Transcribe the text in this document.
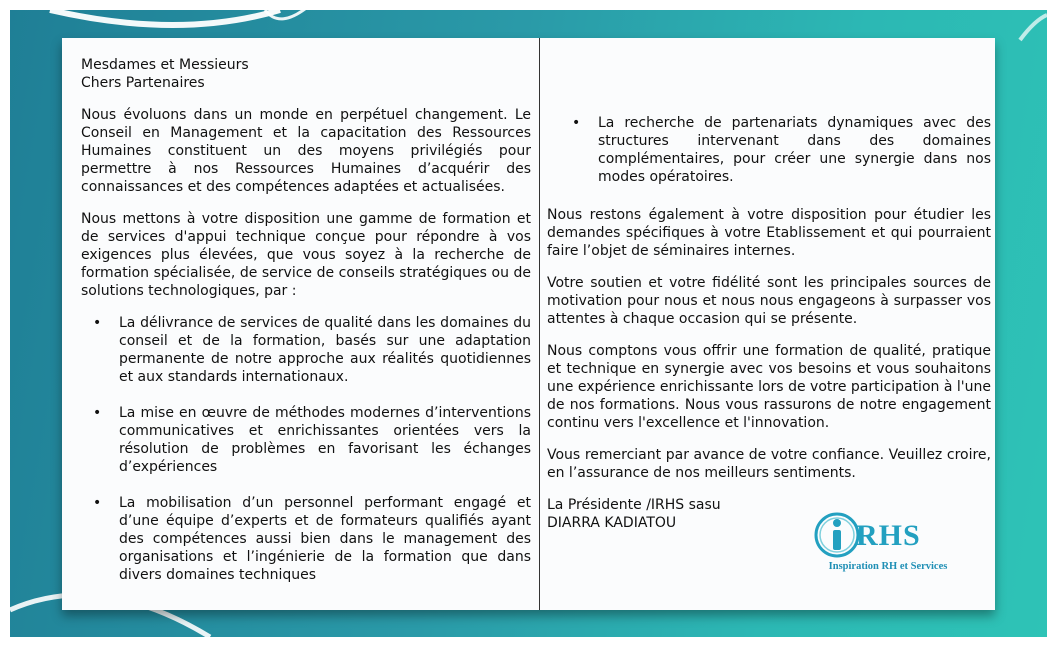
Mesdames et Messieurs
Chers Partenaires

Nous évoluons dans un monde en perpétuel changement. Le Conseil en Management et la capacitation des Ressources Humaines constituent un des moyens privilégiés pour permettre à nos Ressources Humaines d’acquérir des connaissances et des compétences adaptées et actualisées.

Nous mettons à votre disposition une gamme de formation et de services d'appui technique conçue pour répondre à vos exigences plus élevées, que vous soyez à la recherche de formation spécialisée, de service de conseils stratégiques ou de solutions technologiques, par :

• La délivrance de services de qualité dans les domaines du conseil et de la formation, basés sur une adaptation permanente de notre approche aux réalités quotidiennes et aux standards internationaux.
• La mise en œuvre de méthodes modernes d’interventions communicatives et enrichissantes orientées vers la résolution de problèmes en favorisant les échanges d’expériences
• La mobilisation d’un personnel performant engagé et d’une équipe d’experts et de formateurs qualifiés ayant des compétences aussi bien dans le management des organisations et l’ingénierie de la formation que dans divers domaines techniques
• La recherche de partenariats dynamiques avec des structures intervenant dans des domaines complémentaires, pour créer une synergie dans nos modes opératoires.

Nous restons également à votre disposition pour étudier les demandes spécifiques à votre Etablissement et qui pourraient faire l’objet de séminaires internes.

Votre soutien et votre fidélité sont les principales sources de motivation pour nous et nous nous engageons à surpasser vos attentes à chaque occasion qui se présente.

Nous comptons vous offrir une formation de qualité, pratique et technique en synergie avec vos besoins et vous souhaitons une expérience enrichissante lors de votre participation à l'une de nos formations. Nous vous rassurons de notre engagement continu vers l'excellence et l'innovation.

Vous remerciant par avance de votre confiance. Veuillez croire, en l’assurance de nos meilleurs sentiments.

La Présidente /IRHS sasu
DIARRA KADIATOU	RHS
Inspiration RH et Services
